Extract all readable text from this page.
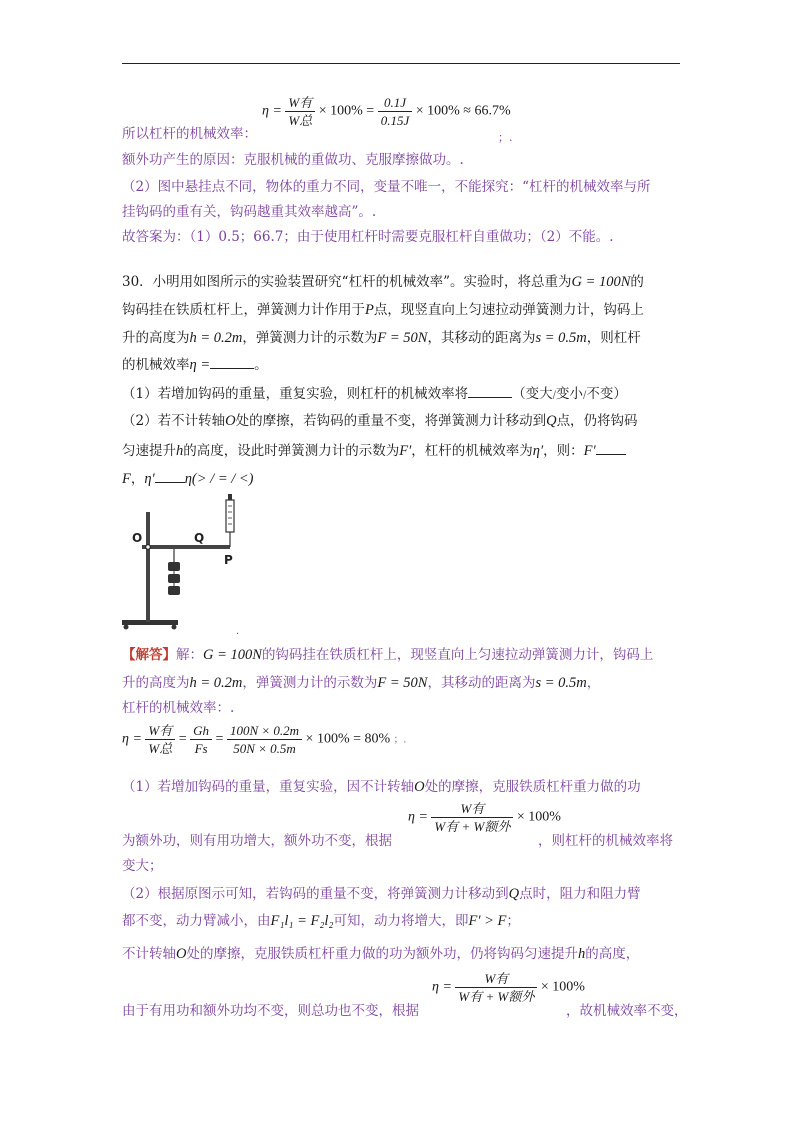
$\eta = \frac{\text{W有}}{\text{W总}} \times 100\% = \frac{0.1J}{0.15J} \times 100\% \approx 66.7\%$
所以杠杆的机械效率：	；.
额外功产生的原因：克服机械的重做功、克服摩擦做功。.
（2）图中悬挂点不同，物体的重力不同，变量不唯一，不能探究：“杠杆的机械效率与所
挂钩码的重有关，钩码越重其效率越高”。.
故答案为：（1）0.5；66.7；由于使用杠杆时需要克服杠杆自重做功；（2）不能。.
30．小明用如图所示的实验装置研究“杠杆的机械效率”。实验时，将总重为G = 100N的
钩码挂在铁质杠杆上，弹簧测力计作用于P点，现竖直向上匀速拉动弹簧测力计，钩码上
升的高度为h = 0.2m，弹簧测力计的示数为F = 50N，其移动的距离为s = 0.5m，则杠杆
的机械效率η =	。
（1）若增加钩码的重量，重复实验，则杠杆的机械效率将	（变大/变小/不变）
（2）若不计转轴O处的摩擦，若钩码的重量不变，将弹簧测力计移动到Q点，仍将钩码
匀速提升h的高度，设此时弹簧测力计的示数为F′，杠杆的机械效率为η′，则：F′
F，η′ η(> / = / <)
O	Q
P
.
【解答】解：G = 100N的钩码挂在铁质杠杆上，现竖直向上匀速拉动弹簧测力计，钩码上
升的高度为h = 0.2m，弹簧测力计的示数为F = 50N，其移动的距离为s = 0.5m，
杠杆的机械效率：.
$\eta = \frac{\text{W有}}{\text{W总}} = \frac{Gh}{Fs} = \frac{100N \times 0.2m}{50N \times 0.5m} \times 100\% = 80\%$ ；.
（1）若增加钩码的重量，重复实验，因不计转轴O处的摩擦，克服铁质杠杆重力做的功
$\eta = \frac{\text{W有}}{\text{W有 + W额外}} \times 100\%$
为额外功，则有用功增大，额外功不变，根据	，则杠杆的机械效率将
变大；
（2）根据原图示可知，若钩码的重量不变，将弹簧测力计移动到Q点时，阻力和阻力臂
都不变，动力臂减小，由F₁l₁ = F₂l₂可知，动力将增大，即F′ > F；
不计转轴O处的摩擦，克服铁质杠杆重力做的功为额外功，仍将钩码匀速提升h的高度，
$\eta = \frac{\text{W有}}{\text{W有 + W额外}} \times 100\%$
由于有用功和额外功均不变，则总功也不变，根据	，故机械效率不变，
